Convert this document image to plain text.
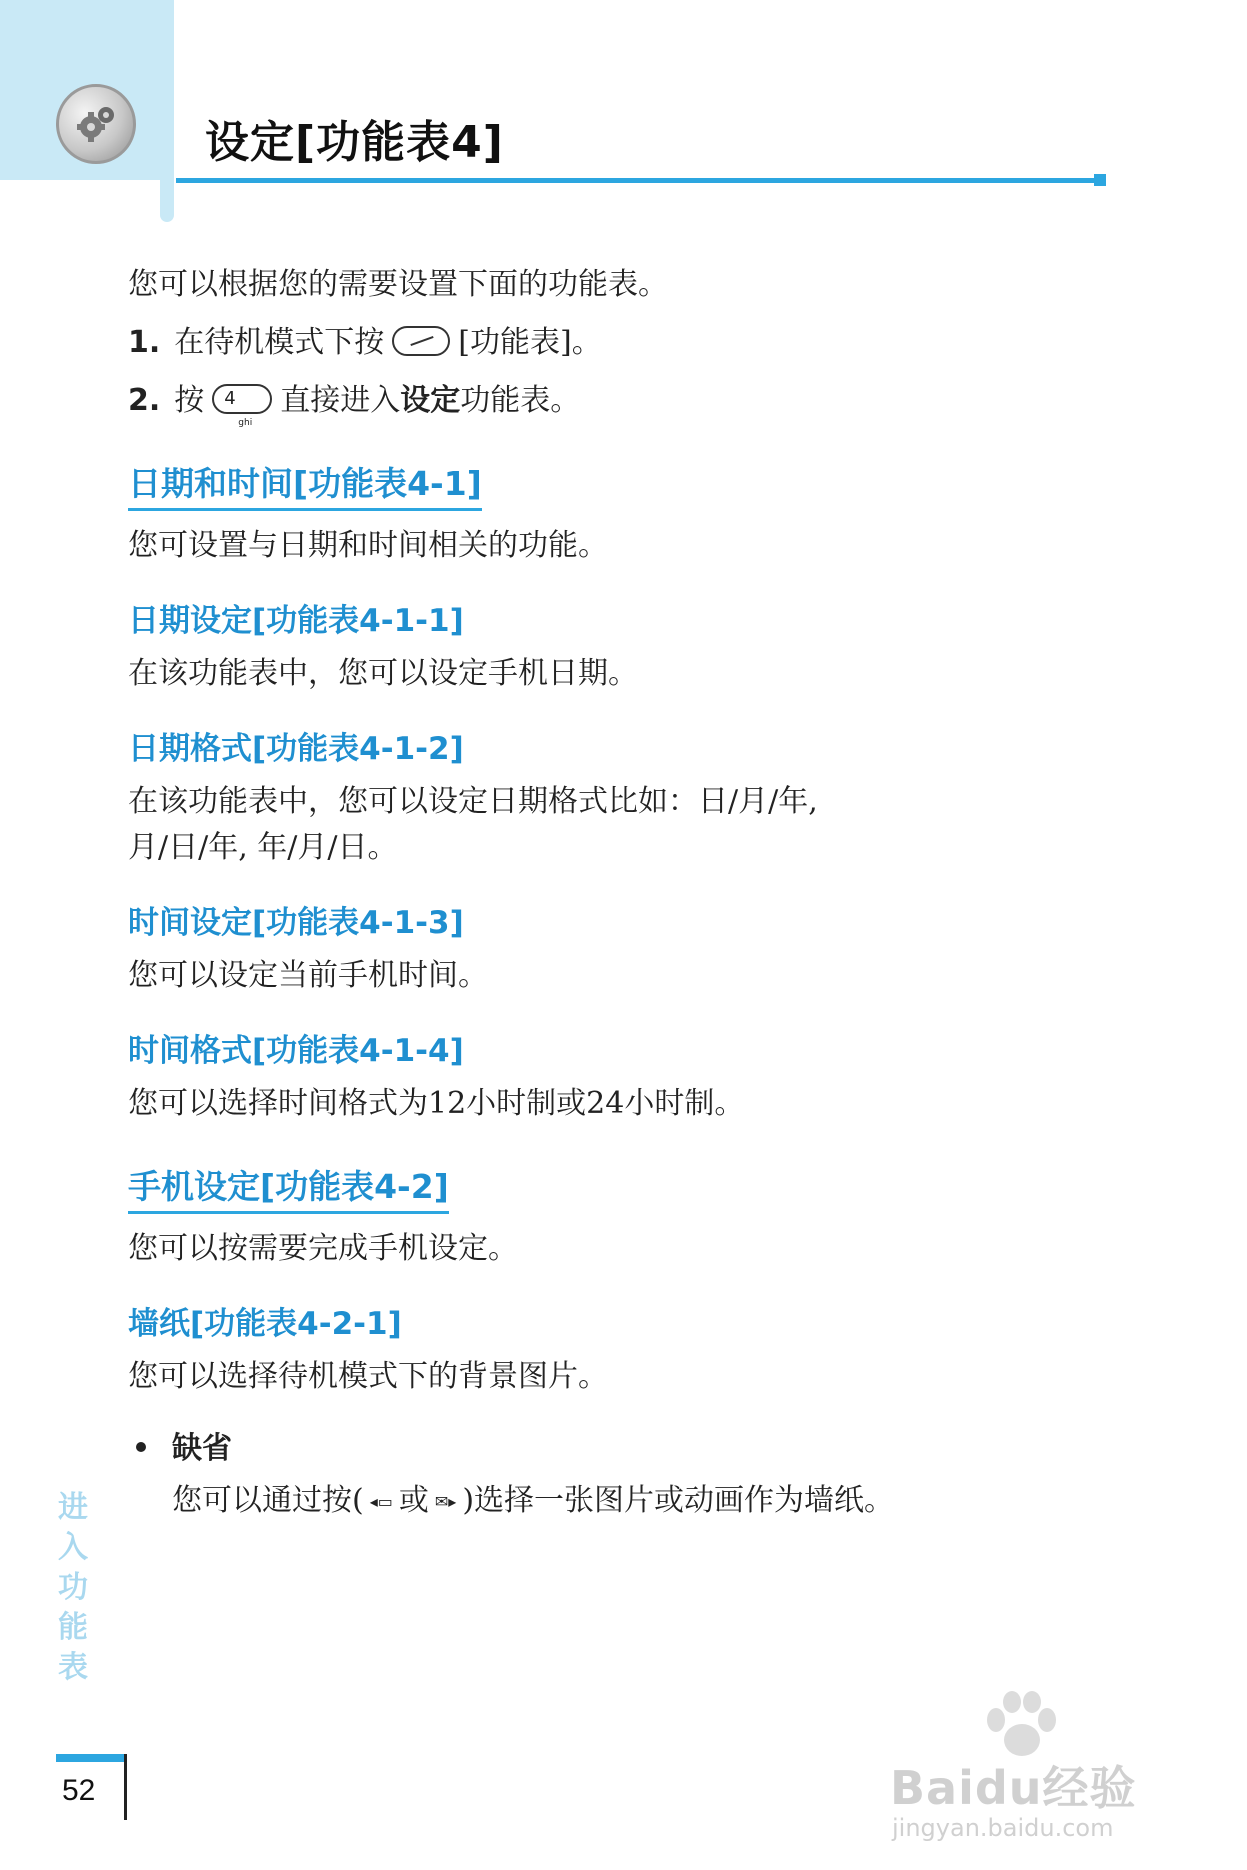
设定[功能表4]

您可以根据您的需要设置下面的功能表。

1. 在待机模式下按 [功能表]。

2. 按 4
ghi
直接进入设定功能表。

日期和时间[功能表4-1]

您可设置与日期和时间相关的功能。

日期设定[功能表4-1-1]

在该功能表中，您可以设定手机日期。

日期格式[功能表4-1-2]

在该功能表中，您可以设定日期格式比如：日/月/年,

月/日/年, 年/月/日。

时间设定[功能表4-1-3]

您可以设定当前手机时间。

时间格式[功能表4-1-4]

您可以选择时间格式为12小时制或24小时制。

手机设定[功能表4-2]

您可以按需要完成手机设定。

墙纸[功能表4-2-1]

您可以选择待机模式下的背景图片。

缺省

您可以通过按( ◂▭ 或 ✉▸ )选择一张图片或动画作为墙纸。

进入功能表
52	Baidu经验
jingyan.baidu.com
